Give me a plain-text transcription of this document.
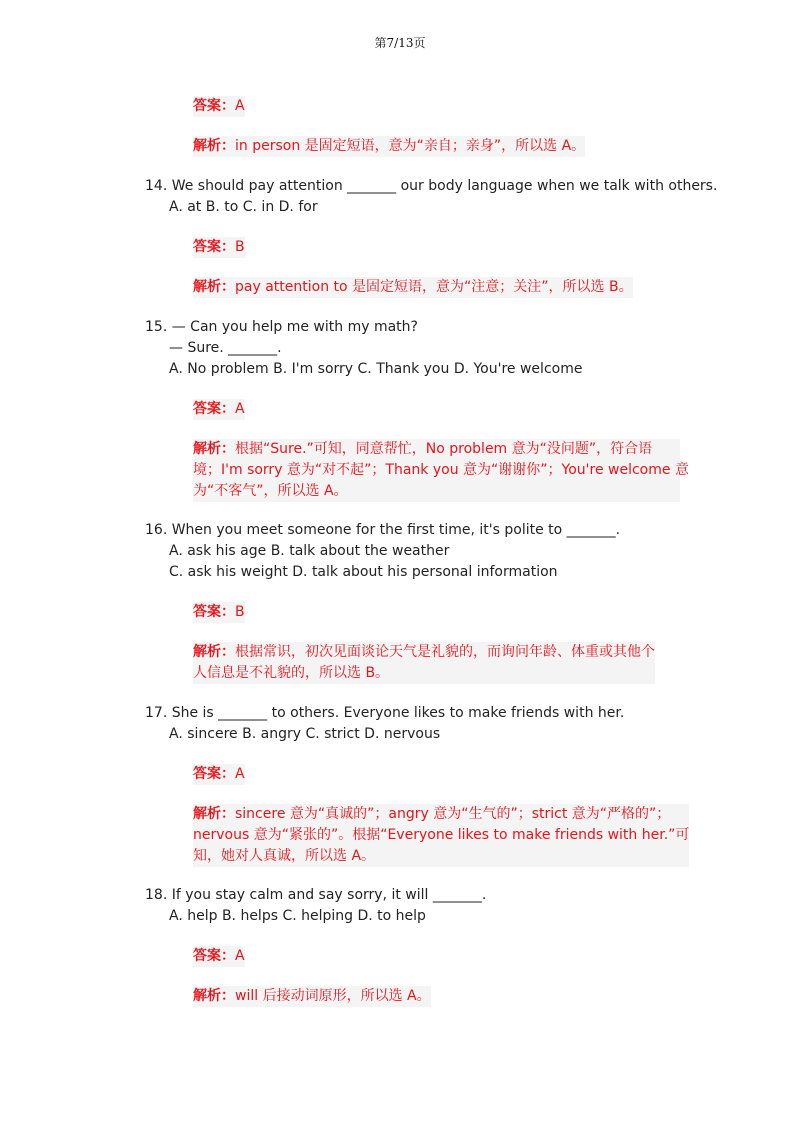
第7/13页
答案：A
解析：in person 是固定短语，意为“亲自；亲身”，所以选 A。
14. We should pay attention _______ our body language when we talk with others.
A. at B. to C. in D. for
答案：B
解析：pay attention to 是固定短语，意为“注意；关注”，所以选 B。
15. — Can you help me with my math?
— Sure. _______.
A. No problem B. I'm sorry C. Thank you D. You're welcome
答案：A
解析：根据“Sure.”可知，同意帮忙，No problem 意为“没问题”，符合语
境；I'm sorry 意为“对不起”；Thank you 意为“谢谢你”；You're welcome 意
为“不客气”，所以选 A。
16. When you meet someone for the first time, it's polite to _______.
A. ask his age B. talk about the weather
C. ask his weight D. talk about his personal information
答案：B
解析：根据常识，初次见面谈论天气是礼貌的，而询问年龄、体重或其他个
人信息是不礼貌的，所以选 B。
17. She is _______ to others. Everyone likes to make friends with her.
A. sincere B. angry C. strict D. nervous
答案：A
解析：sincere 意为“真诚的”；angry 意为“生气的”；strict 意为“严格的”；
nervous 意为“紧张的”。根据“Everyone likes to make friends with her.”可
知，她对人真诚，所以选 A。
18. If you stay calm and say sorry, it will _______.
A. help B. helps C. helping D. to help
答案：A
解析：will 后接动词原形，所以选 A。
